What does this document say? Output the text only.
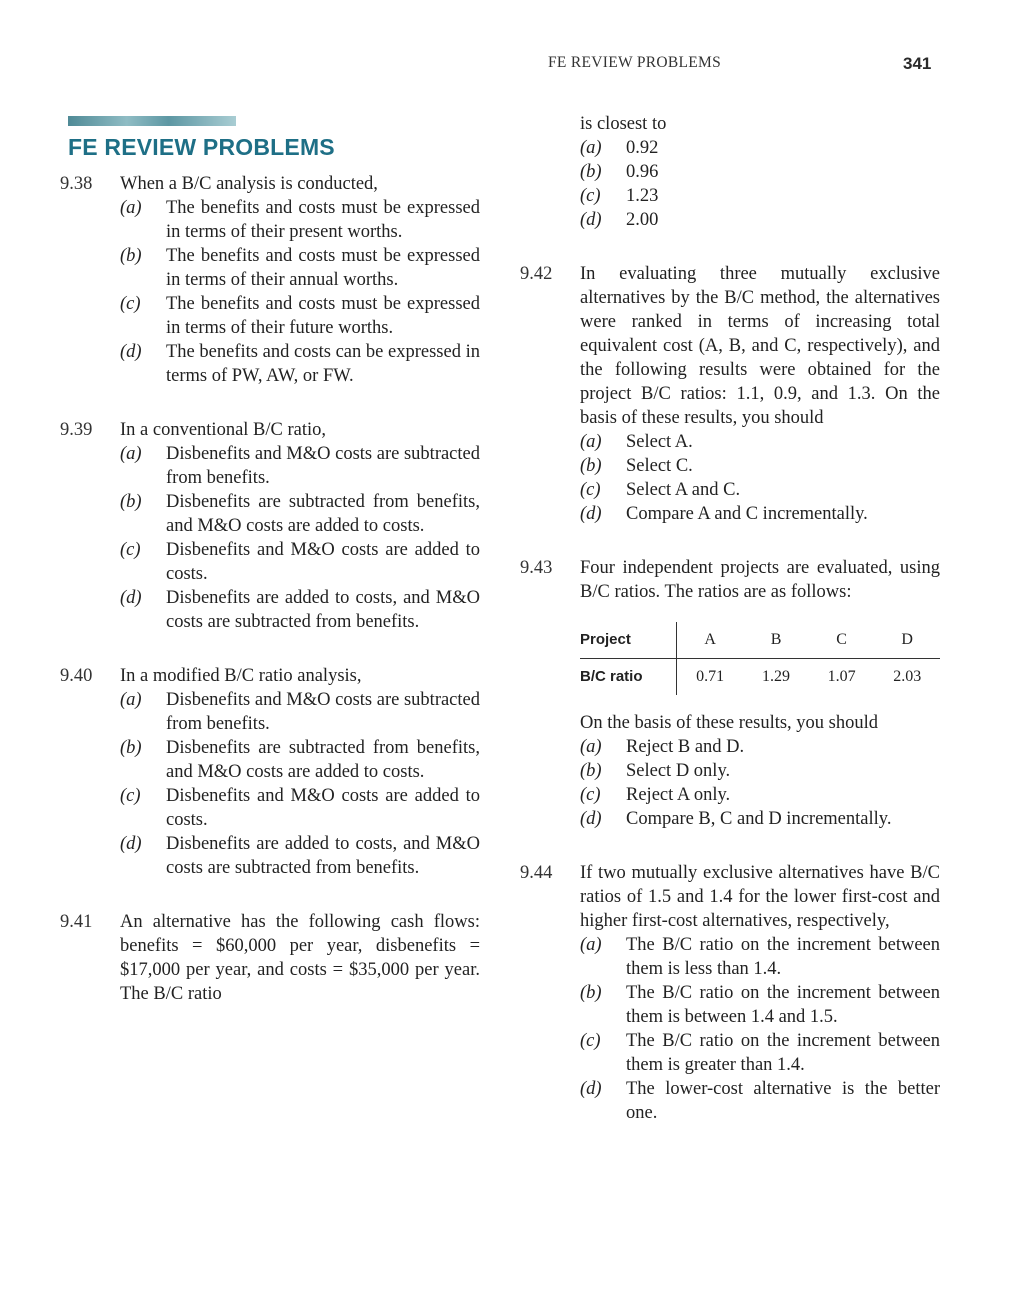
FE REVIEW PROBLEMS	341
FE REVIEW PROBLEMS
9.38	When a B/C analysis is conducted,
(a) The benefits and costs must be expressed in terms of their present worths.
(b) The benefits and costs must be expressed in terms of their annual worths.
(c) The benefits and costs must be expressed in terms of their future worths.
(d) The benefits and costs can be expressed in terms of PW, AW, or FW.
9.39	In a conventional B/C ratio,
(a) Disbenefits and M&O costs are subtracted from benefits.
(b) Disbenefits are subtracted from benefits, and M&O costs are added to costs.
(c) Disbenefits and M&O costs are added to costs.
(d) Disbenefits are added to costs, and M&O costs are subtracted from benefits.
9.40	In a modified B/C ratio analysis,
(a) Disbenefits and M&O costs are subtracted from benefits.
(b) Disbenefits are subtracted from benefits, and M&O costs are added to costs.
(c) Disbenefits and M&O costs are added to costs.
(d) Disbenefits are added to costs, and M&O costs are subtracted from benefits.
9.41	An alternative has the following cash flows: benefits = $60,000 per year, disbenefits = $17,000 per year, and costs = $35,000 per year. The B/C ratio
is closest to
(a) 0.92
(b) 0.96
(c) 1.23
(d) 2.00
9.42	In evaluating three mutually exclusive alternatives by the B/C method, the alternatives were ranked in terms of increasing total equivalent cost (A, B, and C, respectively), and the following results were obtained for the project B/C ratios: 1.1, 0.9, and 1.3. On the basis of these results, you should
(a) Select A.
(b) Select C.
(c) Select A and C.
(d) Compare A and C incrementally.
9.43	Four independent projects are evaluated, using B/C ratios. The ratios are as follows:
Project	A	B	C	D
B/C ratio	0.71	1.29	1.07	2.03
On the basis of these results, you should
(a) Reject B and D.
(b) Select D only.
(c) Reject A only.
(d) Compare B, C and D incrementally.
9.44	If two mutually exclusive alternatives have B/C ratios of 1.5 and 1.4 for the lower first-cost and higher first-cost alternatives, respectively,
(a) The B/C ratio on the increment between them is less than 1.4.
(b) The B/C ratio on the increment between them is between 1.4 and 1.5.
(c) The B/C ratio on the increment between them is greater than 1.4.
(d) The lower-cost alternative is the better one.
